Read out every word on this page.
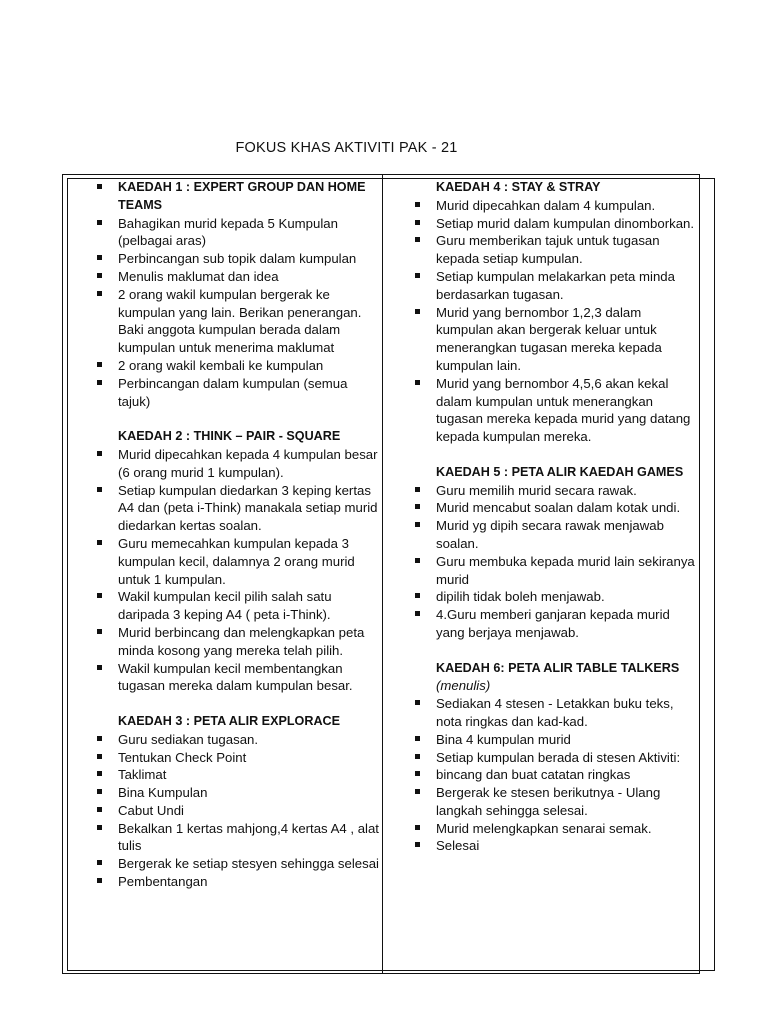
FOKUS KHAS AKTIVITI PAK - 21
KAEDAH 1 : EXPERT GROUP DAN HOME TEAMS
Bahagikan murid kepada 5 Kumpulan (pelbagai aras)
Perbincangan sub topik dalam kumpulan
Menulis maklumat dan idea
2 orang wakil kumpulan bergerak ke kumpulan yang lain. Berikan penerangan. Baki anggota kumpulan berada dalam kumpulan untuk menerima maklumat
2 orang wakil kembali ke kumpulan
Perbincangan dalam kumpulan (semua tajuk)
KAEDAH 2 : THINK – PAIR - SQUARE
Murid dipecahkan kepada 4 kumpulan besar (6 orang murid 1 kumpulan).
Setiap kumpulan diedarkan 3 keping kertas A4 dan (peta i-Think) manakala setiap murid diedarkan kertas soalan.
Guru memecahkan kumpulan kepada 3 kumpulan kecil, dalamnya 2 orang murid untuk 1 kumpulan.
Wakil kumpulan kecil pilih salah satu daripada 3 keping A4 ( peta i-Think).
Murid berbincang dan melengkapkan peta minda kosong yang mereka telah pilih.
Wakil kumpulan kecil membentangkan tugasan mereka dalam kumpulan besar.
KAEDAH 3 : PETA ALIR EXPLORACE
Guru sediakan tugasan.
Tentukan Check Point
Taklimat
Bina Kumpulan
Cabut Undi
Bekalkan 1 kertas mahjong,4 kertas A4 , alat tulis
Bergerak ke setiap stesyen sehingga selesai
Pembentangan
KAEDAH 4 : STAY & STRAY
Murid dipecahkan dalam 4 kumpulan.
Setiap murid dalam kumpulan dinomborkan.
Guru memberikan tajuk untuk tugasan kepada setiap kumpulan.
Setiap kumpulan melakarkan peta minda berdasarkan tugasan.
Murid yang bernombor 1,2,3 dalam kumpulan akan bergerak keluar untuk menerangkan tugasan mereka kepada kumpulan lain.
Murid yang bernombor 4,5,6 akan kekal dalam kumpulan untuk menerangkan tugasan mereka kepada murid yang datang kepada kumpulan mereka.
KAEDAH 5 : PETA ALIR KAEDAH GAMES
Guru memilih murid secara rawak.
Murid mencabut soalan dalam kotak undi.
Murid yg dipih secara rawak menjawab soalan.
Guru membuka kepada murid lain sekiranya murid
dipilih tidak boleh menjawab.
4.Guru memberi ganjaran kepada murid yang berjaya menjawab.
KAEDAH 6: PETA ALIR TABLE TALKERS
(menulis)
Sediakan 4 stesen - Letakkan buku teks, nota ringkas dan kad-kad.
Bina 4 kumpulan murid
Setiap kumpulan berada di stesen Aktiviti:
bincang dan buat catatan ringkas
Bergerak ke stesen berikutnya - Ulang langkah sehingga selesai.
Murid melengkapkan senarai semak.
Selesai
